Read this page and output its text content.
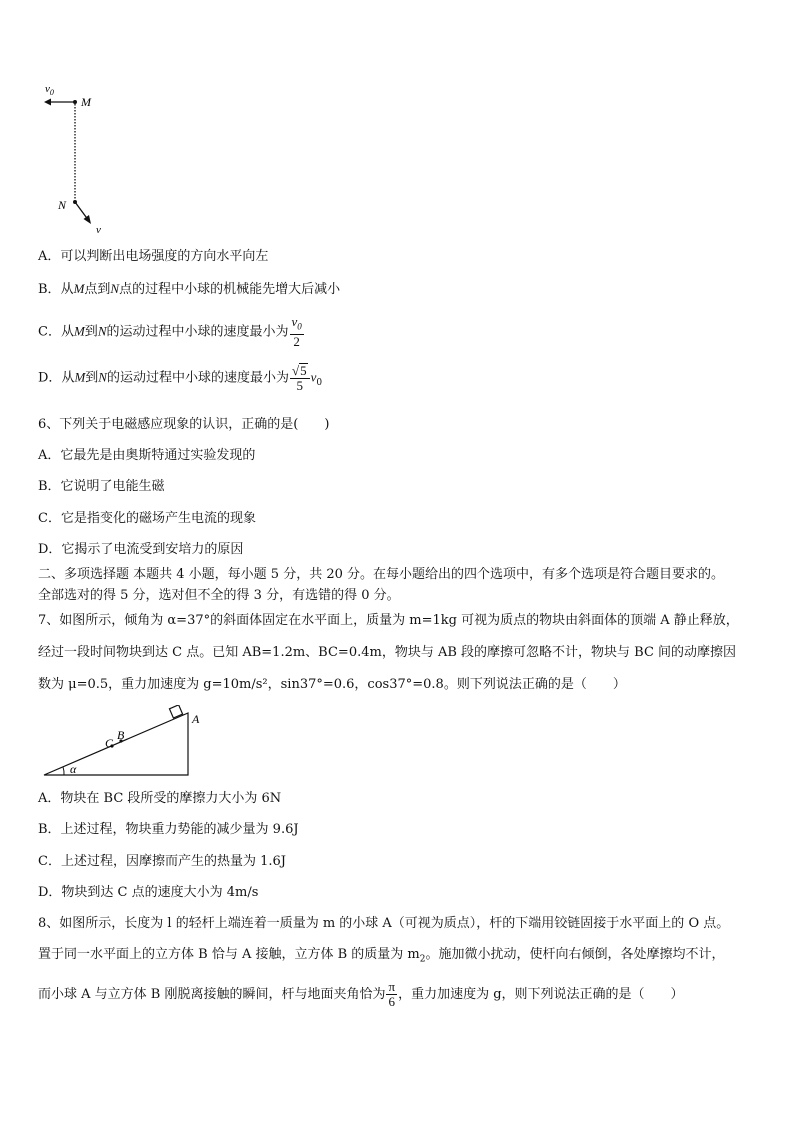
$v_0$
M
N
v
A．可以判断出电场强度的方向水平向左
B．从M点到N点的过程中小球的机械能先增大后减小
C．从M到N的运动过程中小球的速度最小为 $\frac{v_0}{2}$
D．从M到N的运动过程中小球的速度最小为 $\frac{√5}{5} v_0$
6、下列关于电磁感应现象的认识，正确的是(　　)
A．它最先是由奥斯特通过实验发现的
B．它说明了电能生磁
C．它是指变化的磁场产生电流的现象
D．它揭示了电流受到安培力的原因
二、多项选择题 本题共 4 小题，每小题 5 分，共 20 分。在每小题给出的四个选项中，有多个选项是符合题目要求的。
全部选对的得 5 分，选对但不全的得 3 分，有选错的得 0 分。
7、如图所示，倾角为 α=37°的斜面体固定在水平面上，质量为 m=1kg 可视为质点的物块由斜面体的顶端 A 静止释放，
经过一段时间物块到达 C 点。已知 AB=1.2m、BC=0.4m，物块与 AB 段的摩擦可忽略不计，物块与 BC 间的动摩擦因
数为 μ=0.5，重力加速度为 g=10m/s²，sin37°=0.6，cos37°=0.8。则下列说法正确的是（　　）
A
B
C
α
A．物块在 BC 段所受的摩擦力大小为 6N
B．上述过程，物块重力势能的减少量为 9.6J
C．上述过程，因摩擦而产生的热量为 1.6J
D．物块到达 C 点的速度大小为 4m/s
8、如图所示，长度为 l 的轻杆上端连着一质量为 m 的小球 A（可视为质点），杆的下端用铰链固接于水平面上的 O 点。
置于同一水平面上的立方体 B 恰与 A 接触，立方体 B 的质量为 $m_2$。施加微小扰动，使杆向右倾倒，各处摩擦均不计，
而小球 A 与立方体 B 刚脱离接触的瞬间，杆与地面夹角恰为 $\frac{\pi}{6}$ ，重力加速度为 g，则下列说法正确的是（　　）
